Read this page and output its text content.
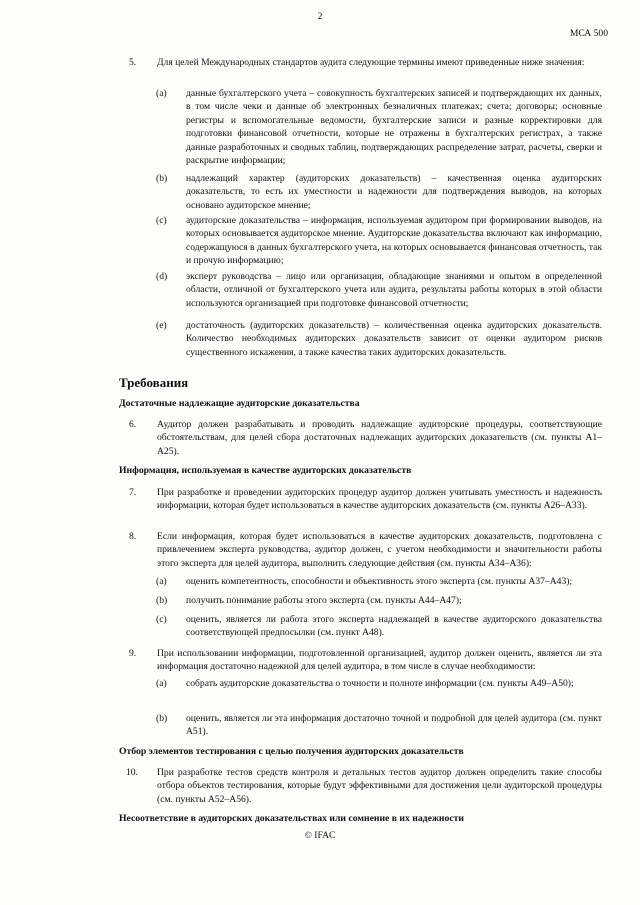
2
МСА 500
5. Для целей Международных стандартов аудита следующие термины имеют приведенные ниже значения:

(a) данные бухгалтерского учета – совокупность бухгалтерских записей и подтверждающих их данных, в том числе чеки и данные об электронных безналичных платежах; счета; договоры; основные регистры и вспомогательные ведомости, бухгалтерские записи и разные корректировки для подготовки финансовой отчетности, которые не отражены в бухгалтерских регистрах, а также данные разработочных и сводных таблиц, подтверждающих распределение затрат, расчеты, сверки и раскрытие информации;

(b) надлежащий характер (аудиторских доказательств) – качественная оценка аудиторских доказательств, то есть их уместности и надежности для подтверждения выводов, на которых основано аудиторское мнение;

(c) аудиторские доказательства – информация, используемая аудитором при формировании выводов, на которых основывается аудиторское мнение. Аудиторские доказательства включают как информацию, содержащуюся в данных бухгалтерского учета, на которых основывается финансовая отчетность, так и прочую информацию;

(d) эксперт руководства – лицо или организация, обладающие знаниями и опытом в определенной области, отличной от бухгалтерского учета или аудита, результаты работы которых в этой области используются организацией при подготовке финансовой отчетности;

(e) достаточность (аудиторских доказательств) – количественная оценка аудиторских доказательств. Количество необходимых аудиторских доказательств зависит от оценки аудитором рисков существенного искажения, а также качества таких аудиторских доказательств.

Требования
Достаточные надлежащие аудиторские доказательства
6. Аудитор должен разрабатывать и проводить надлежащие аудиторские процедуры, соответствующие обстоятельствам, для целей сбора достаточных надлежащих аудиторских доказательств (см. пункты А1–А25).

Информация, используемая в качестве аудиторских доказательств
7. При разработке и проведении аудиторских процедур аудитор должен учитывать уместность и надежность информации, которая будет использоваться в качестве аудиторских доказательств (см. пункты А26–А33).

8. Если информация, которая будет использоваться в качестве аудиторских доказательств, подготовлена с привлечением эксперта руководства, аудитор должен, с учетом необходимости и значительности работы этого эксперта для целей аудитора, выполнить следующие действия (см. пункты А34–А36):

(a) оценить компетентность, способности и объективность этого эксперта (см. пункты А37–А43);

(b) получить понимание работы этого эксперта (см. пункты А44–А47);

(c) оценить, является ли работа этого эксперта надлежащей в качестве аудиторского доказательства соответствующей предпосылки (см. пункт А48).

9. При использовании информации, подготовленной организацией, аудитор должен оценить, является ли эта информация достаточно надежной для целей аудитора, в том числе в случае необходимости:

(a) собрать аудиторские доказательства о точности и полноте информации (см. пункты А49–А50);

(b) оценить, является ли эта информация достаточно точной и подробной для целей аудитора (см. пункт А51).

Отбор элементов тестирования с целью получения аудиторских доказательств
10. При разработке тестов средств контроля и детальных тестов аудитор должен определить такие способы отбора объектов тестирования, которые будут эффективными для достижения цели аудиторской процедуры (см. пункты А52–А56).

Несоответствие в аудиторских доказательствах или сомнение в их надежности
© IFAC
